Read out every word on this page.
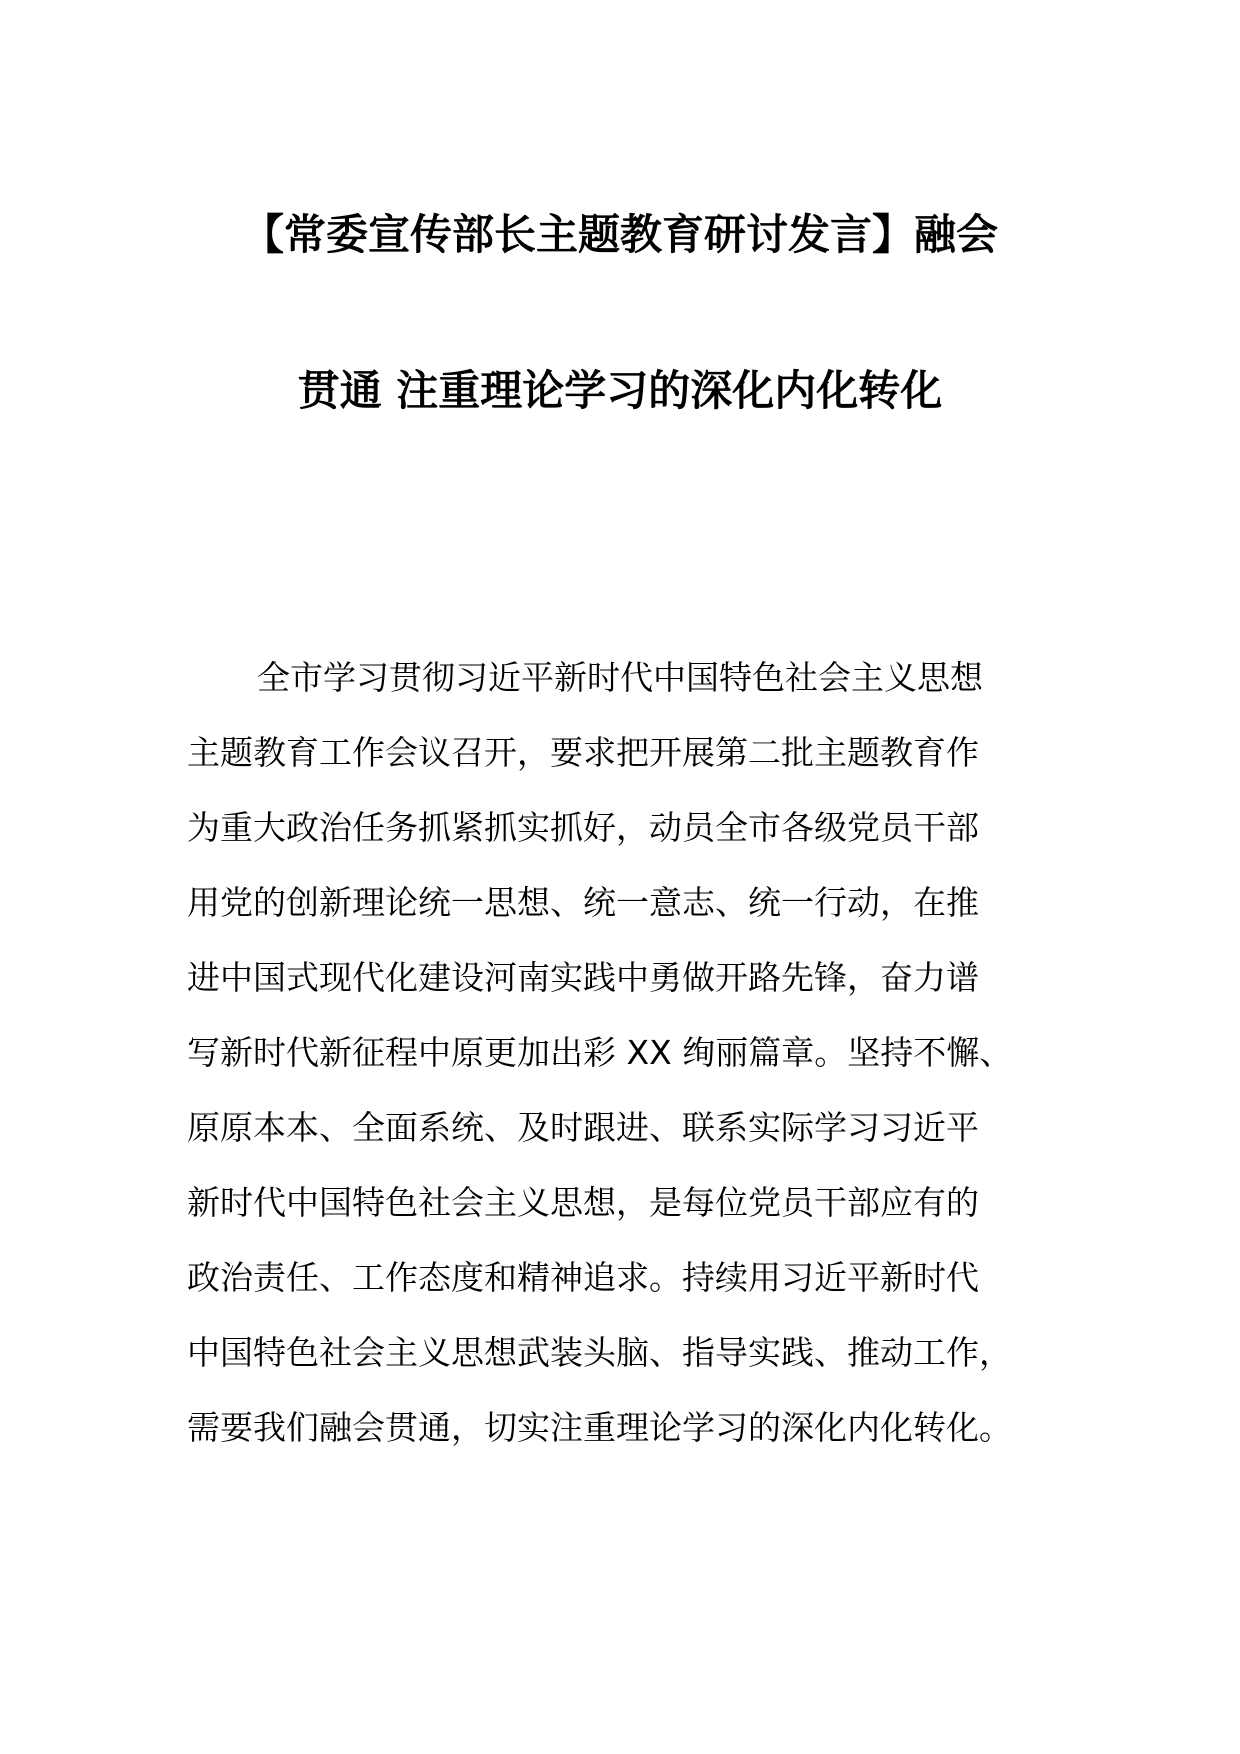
【常委宣传部长主题教育研讨发言】融会
贯通 注重理论学习的深化内化转化
全市学习贯彻习近平新时代中国特色社会主义思想
主题教育工作会议召开，要求把开展第二批主题教育作
为重大政治任务抓紧抓实抓好，动员全市各级党员干部
用党的创新理论统一思想、统一意志、统一行动，在推
进中国式现代化建设河南实践中勇做开路先锋，奋力谱
写新时代新征程中原更加出彩 XX 绚丽篇章。坚持不懈、
原原本本、全面系统、及时跟进、联系实际学习习近平
新时代中国特色社会主义思想，是每位党员干部应有的
政治责任、工作态度和精神追求。持续用习近平新时代
中国特色社会主义思想武装头脑、指导实践、推动工作，
需要我们融会贯通，切实注重理论学习的深化内化转化。
